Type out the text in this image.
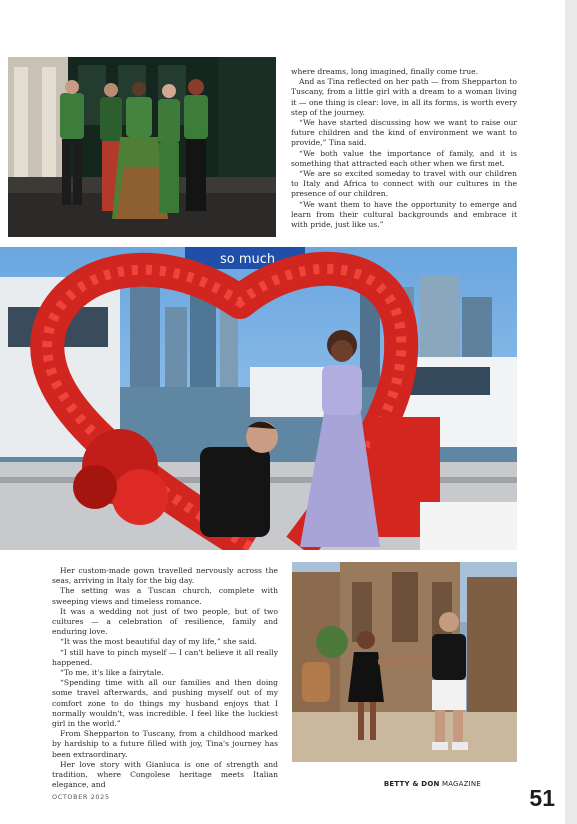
where dreams, long imagined, finally come true.

And as Tina reflected on her path — from Shepparton to Tuscany, from a little girl with a dream to a woman living it — one thing is clear: love, in all its forms, is worth every step of the journey.

“We have started discussing how we want to raise our future children and the kind of environment we want to provide,” Tina said.

“We both value the importance of family, and it is something that attracted each other when we first met.

“We are so excited someday to travel with our children to Italy and Africa to connect with our cultures in the presence of our children.

“We want them to have the opportunity to emerge and learn from their cultural backgrounds and embrace it with pride, just like us.”

so much

Her custom-made gown travelled nervously across the seas, arriving in Italy for the big day.

The setting was a Tuscan church, complete with sweeping views and timeless romance.

It was a wedding not just of two people, but of two cultures — a celebration of resilience, family and enduring love.

“It was the most beautiful day of my life,” she said.

“I still have to pinch myself — I can't believe it all really happened.

“To me, it's like a fairytale.

“Spending time with all our families and then doing some travel afterwards, and pushing myself out of my comfort zone to do things my husband enjoys that I normally wouldn't, was incredible. I feel like the luckiest girl in the world.”

From Shepparton to Tuscany, from a childhood marked by hardship to a future filled with joy, Tina's journey has been extraordinary.

Her love story with Gianluca is one of strength and tradition, where Congolese heritage meets Italian elegance, and

OCTOBER 2025
BETTY & DON MAGAZINE
51
